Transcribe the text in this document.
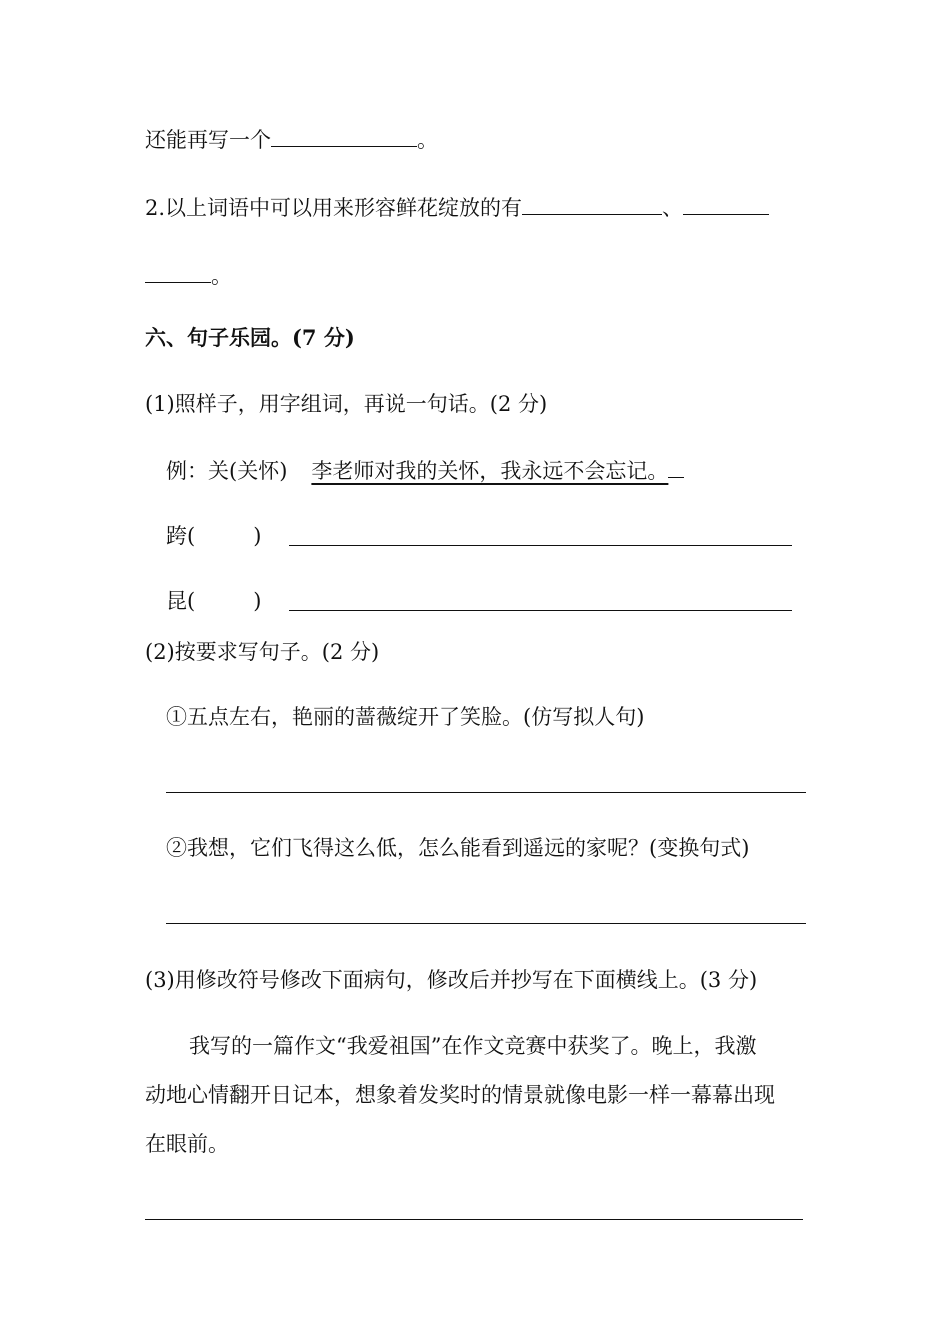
还能再写一个	。
2.以上词语中可以用来形容鲜花绽放的有	、
。
六、句子乐园。(7 分)
(1)照样子，用字组词，再说一句话。(2 分)
例：关(关怀) 李老师对我的关怀，我永远不会忘记。
跨(	)
昆(	)
(2)按要求写句子。(2 分)
①五点左右，艳丽的蔷薇绽开了笑脸。(仿写拟人句)
②我想，它们飞得这么低，怎么能看到遥远的家呢？(变换句式)
(3)用修改符号修改下面病句，修改后并抄写在下面横线上。(3 分)
我写的一篇作文“我爱祖国”在作文竞赛中获奖了。晚上，我激
动地心情翻开日记本，想象着发奖时的情景就像电影一样一幕幕出现
在眼前。
